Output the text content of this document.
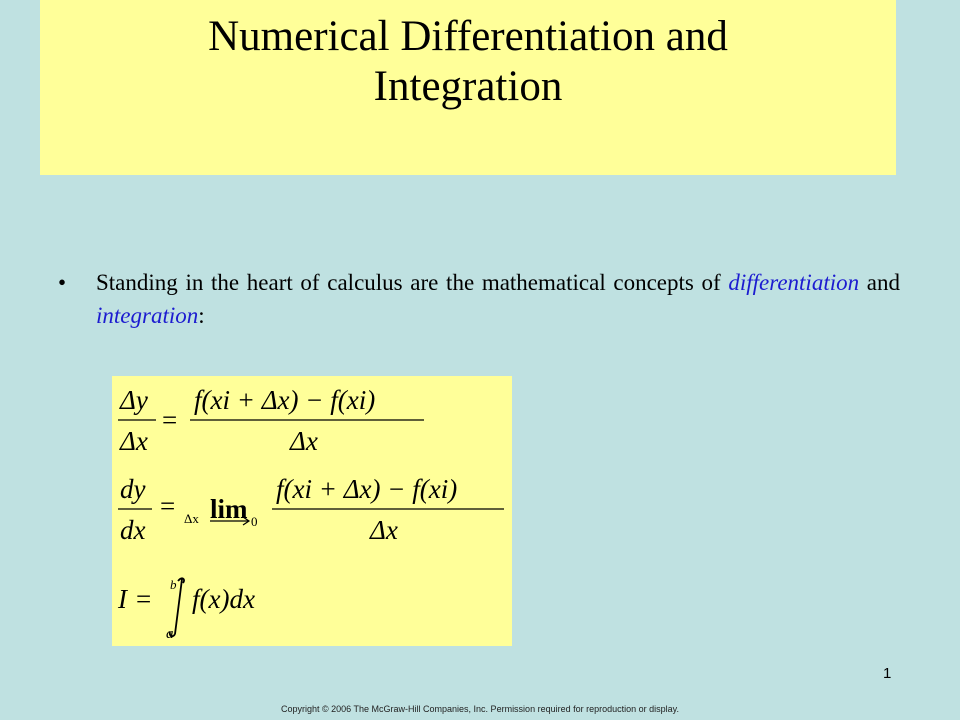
Numerical Differentiation and
Integration
•	Standing in the heart of calculus are the mathematical concepts of differentiation and integration:
Δy
Δx
=
f(xi + Δx) − f(xi)
Δx
dy
dx
= Δx lim 0
f(xi + Δx) − f(xi)
Δx
I = b
a
f(x)dx
1
Copyright © 2006 The McGraw-Hill Companies, Inc. Permission required for reproduction or display.
